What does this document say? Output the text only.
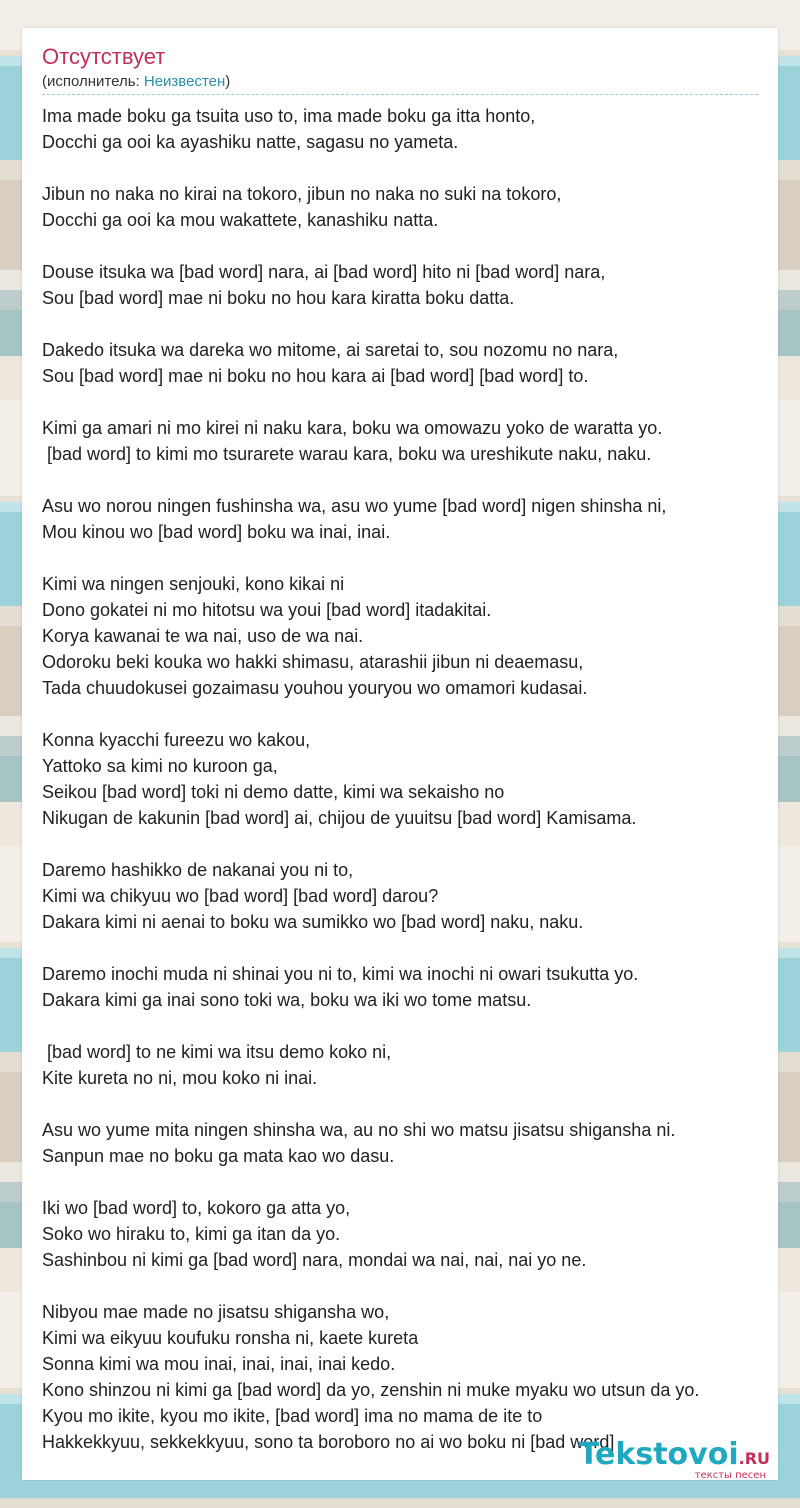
Отсутствует
(исполнитель: Неизвестен)
Ima made boku ga tsuita uso to, ima made boku ga itta honto,
Docchi ga ooi ka ayashiku natte, sagasu no yameta.

Jibun no naka no kirai na tokoro, jibun no naka no suki na tokoro,
Docchi ga ooi ka mou wakattete, kanashiku natta.

Douse itsuka wa [bad word] nara, ai [bad word] hito ni [bad word] nara,
Sou [bad word] mae ni boku no hou kara kiratta boku datta.

Dakedo itsuka wa dareka wo mitome, ai saretai to, sou nozomu no nara,
Sou [bad word] mae ni boku no hou kara ai [bad word] [bad word] to.

Kimi ga amari ni mo kirei ni naku kara, boku wa omowazu yoko de waratta yo.
[bad word] to kimi mo tsurarete warau kara, boku wa ureshikute naku, naku.

Asu wo norou ningen fushinsha wa, asu wo yume [bad word] nigen shinsha ni,
Mou kinou wo [bad word] boku wa inai, inai.

Kimi wa ningen senjouki, kono kikai ni
Dono gokatei ni mo hitotsu wa youi [bad word] itadakitai.
Korya kawanai te wa nai, uso de wa nai.
Odoroku beki kouka wo hakki shimasu, atarashii jibun ni deaemasu,
Tada chuudokusei gozaimasu youhou youryou wo omamori kudasai.

Konna kyacchi fureezu wo kakou,
Yattoko sa kimi no kuroon ga,
Seikou [bad word] toki ni demo datte, kimi wa sekaisho no
Nikugan de kakunin [bad word] ai, chijou de yuuitsu [bad word] Kamisama.

Daremo hashikko de nakanai you ni to,
Kimi wa chikyuu wo [bad word] [bad word] darou?
Dakara kimi ni aenai to boku wa sumikko wo [bad word] naku, naku.

Daremo inochi muda ni shinai you ni to, kimi wa inochi ni owari tsukutta yo.
Dakara kimi ga inai sono toki wa, boku wa iki wo tome matsu.

[bad word] to ne kimi wa itsu demo koko ni,
Kite kureta no ni, mou koko ni inai.

Asu wo yume mita ningen shinsha wa, au no shi wo matsu jisatsu shigansha ni.
Sanpun mae no boku ga mata kao wo dasu.

Iki wo [bad word] to, kokoro ga atta yo,
Soko wo hiraku to, kimi ga itan da yo.
Sashinbou ni kimi ga [bad word] nara, mondai wa nai, nai, nai yo ne.

Nibyou mae made no jisatsu shigansha wo,
Kimi wa eikyuu koufuku ronsha ni, kaete kureta
Sonna kimi wa mou inai, inai, inai, inai kedo.
Kono shinzou ni kimi ga [bad word] da yo, zenshin ni muke myaku wo utsun da yo.
Kyou mo ikite, kyou mo ikite, [bad word] ima no mama de ite to
Hakkekkyuu, sekkekkyuu, sono ta boroboro no ai wo boku ni [bad word]
Tekstovoi.RU
тексты песен
